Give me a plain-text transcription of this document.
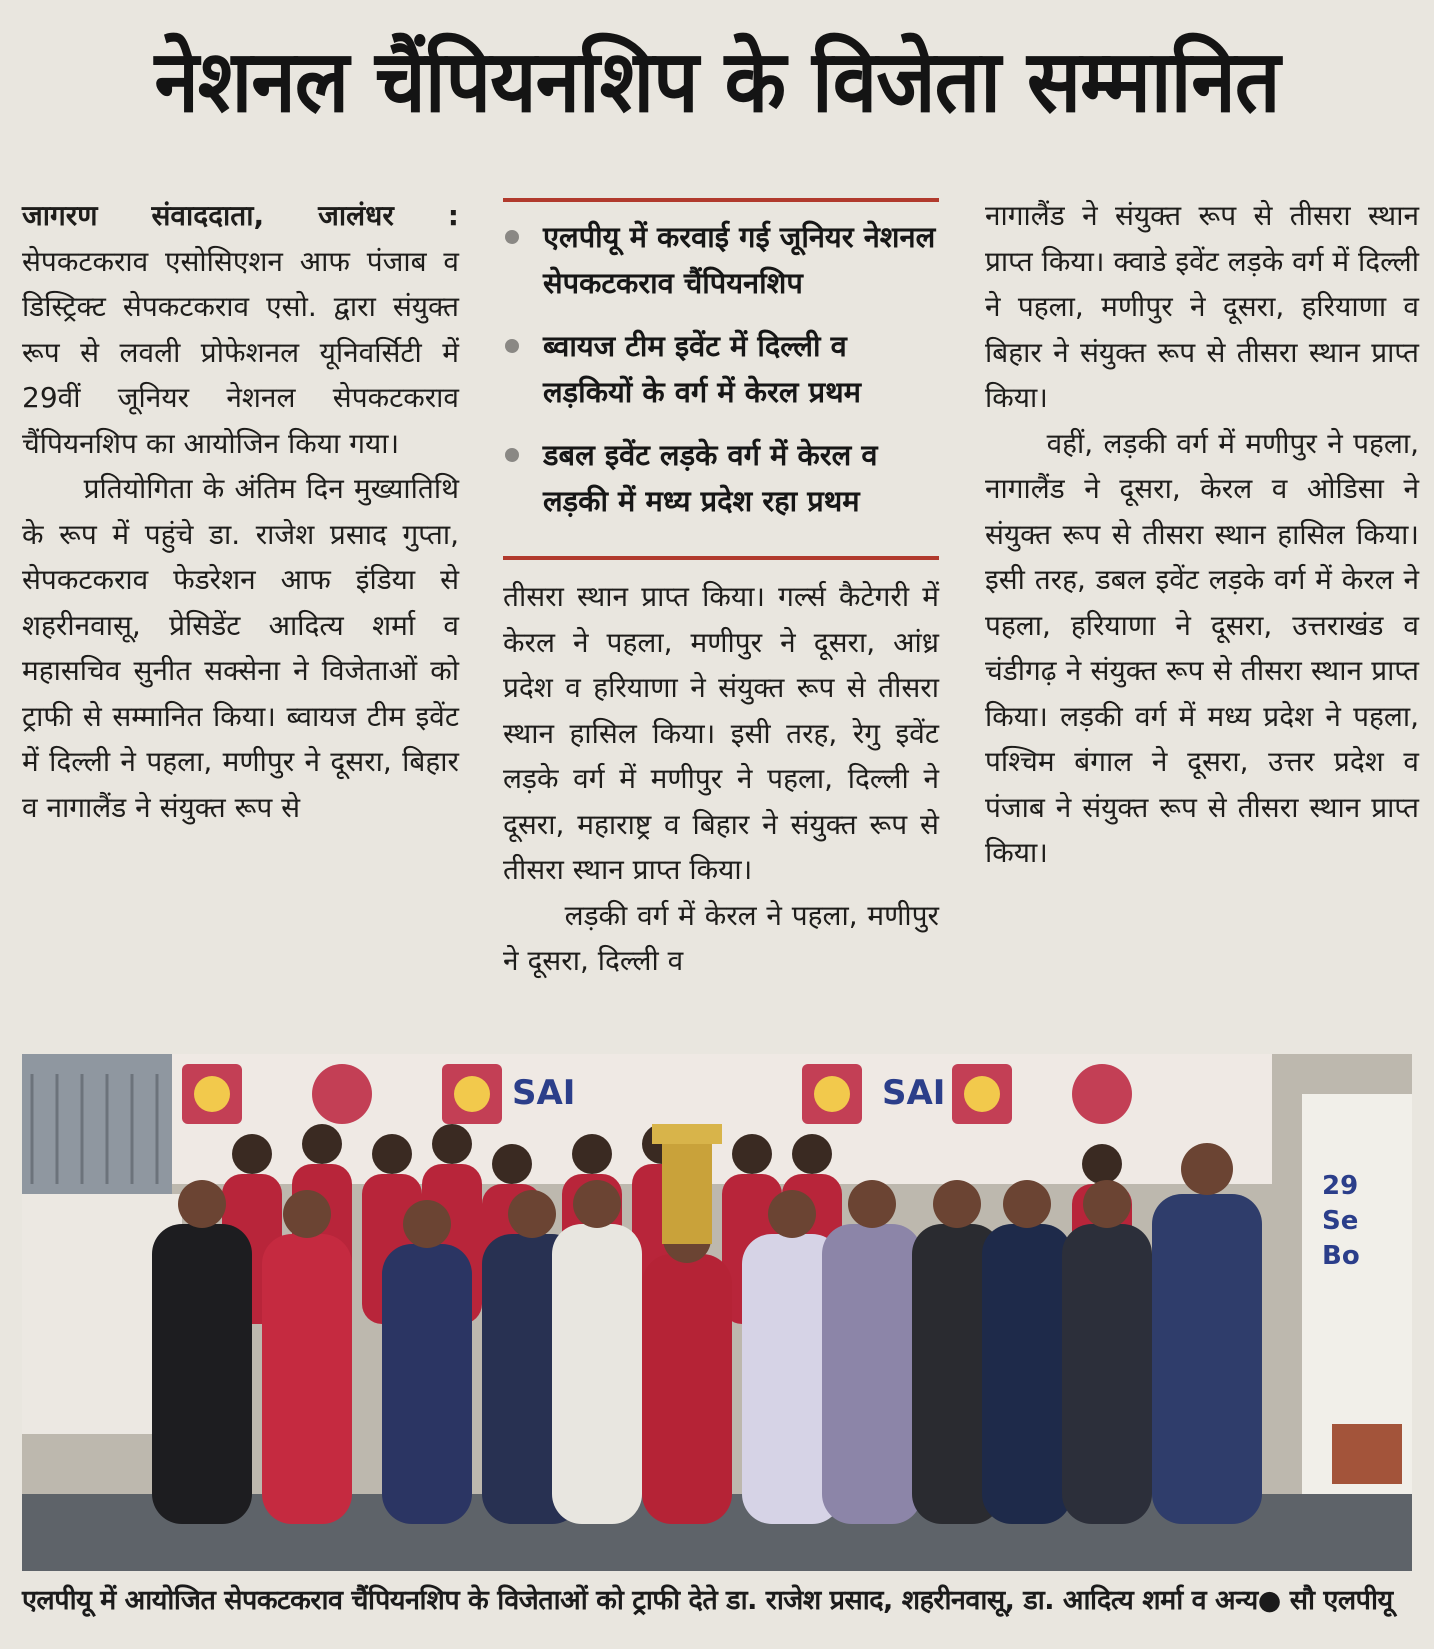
नेशनल चैंपियनशिप के विजेता सम्मानित

जागरण संवाददाता, जालंधर : सेपकटकराव एसोसिएशन आफ पंजाब व डिस्ट्रिक्ट सेपकटकराव एसो. द्वारा संयुक्त रूप से लवली प्रोफेशनल यूनिवर्सिटी में 29वीं जूनियर नेशनल सेपकटकराव चैंपियनशिप का आयोजिन किया गया।

प्रतियोगिता के अंतिम दिन मुख्यातिथि के रूप में पहुंचे डा. राजेश प्रसाद गुप्ता, सेपकटकराव फेडरेशन आफ इंडिया से शहरीनवासू, प्रेसिडेंट आदित्य शर्मा व महासचिव सुनीत सक्सेना ने विजेताओं को ट्राफी से सम्मानित किया। ब्वायज टीम इवेंट में दिल्ली ने पहला, मणीपुर ने दूसरा, बिहार व नागालैंड ने संयुक्त रूप से

एलपीयू में करवाई गई जूनियर नेशनल सेपकटकराव चैंपियनशिप
ब्वायज टीम इवेंट में दिल्ली व लड़कियों के वर्ग में केरल प्रथम
डबल इवेंट लड़के वर्ग में केरल व लड़की में मध्य प्रदेश रहा प्रथम

तीसरा स्थान प्राप्त किया। गर्ल्स कैटेगरी में केरल ने पहला, मणीपुर ने दूसरा, आंध्र प्रदेश व हरियाणा ने संयुक्त रूप से तीसरा स्थान हासिल किया। इसी तरह, रेगु इवेंट लड़के वर्ग में मणीपुर ने पहला, दिल्ली ने दूसरा, महाराष्ट्र व बिहार ने संयुक्त रूप से तीसरा स्थान प्राप्त किया।

लड़की वर्ग में केरल ने पहला, मणीपुर ने दूसरा, दिल्ली व

नागालैंड ने संयुक्त रूप से तीसरा स्थान प्राप्त किया। क्वाडे इवेंट लड़के वर्ग में दिल्ली ने पहला, मणीपुर ने दूसरा, हरियाणा व बिहार ने संयुक्त रूप से तीसरा स्थान प्राप्त किया।

वहीं, लड़की वर्ग में मणीपुर ने पहला, नागालैंड ने दूसरा, केरल व ओडिसा ने संयुक्त रूप से तीसरा स्थान हासिल किया। इसी तरह, डबल इवेंट लड़के वर्ग में केरल ने पहला, हरियाणा ने दूसरा, उत्तराखंड व चंडीगढ़ ने संयुक्त रूप से तीसरा स्थान प्राप्त किया। लड़की वर्ग में मध्य प्रदेश ने पहला, पश्चिम बंगाल ने दूसरा, उत्तर प्रदेश व पंजाब ने संयुक्त रूप से तीसरा स्थान प्राप्त किया।

SAI	SAI
29
Se
Bo
एलपीयू में आयोजित सेपकटकराव चैंपियनशिप के विजेताओं को ट्राफी देते डा. राजेश प्रसाद, शहरीनवासू, डा. आदित्य शर्मा व अन्य● सौ एलपीयू
